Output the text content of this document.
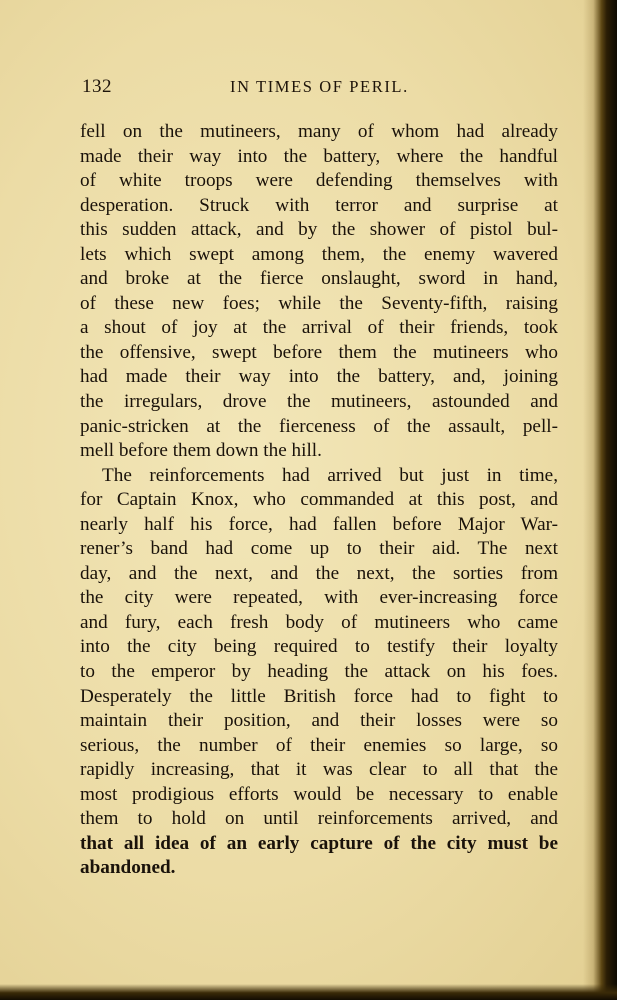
132	IN TIMES OF PERIL.
fell on the mutineers, many of whom had already
made their way into the battery, where the handful
of white troops were defending themselves with
desperation. Struck with terror and surprise at
this sudden attack, and by the shower of pistol bul-
lets which swept among them, the enemy wavered
and broke at the fierce onslaught, sword in hand,
of these new foes; while the Seventy-fifth, raising
a shout of joy at the arrival of their friends, took
the offensive, swept before them the mutineers who
had made their way into the battery, and, joining
the irregulars, drove the mutineers, astounded and
panic-stricken at the fierceness of the assault, pell-
mell before them down the hill.
The reinforcements had arrived but just in time,
for Captain Knox, who commanded at this post, and
nearly half his force, had fallen before Major War-
rener’s band had come up to their aid. The next
day, and the next, and the next, the sorties from
the city were repeated, with ever-increasing force
and fury, each fresh body of mutineers who came
into the city being required to testify their loyalty
to the emperor by heading the attack on his foes.
Desperately the little British force had to fight to
maintain their position, and their losses were so
serious, the number of their enemies so large, so
rapidly increasing, that it was clear to all that the
most prodigious efforts would be necessary to enable
them to hold on until reinforcements arrived, and
that all idea of an early capture of the city must be
abandoned.
